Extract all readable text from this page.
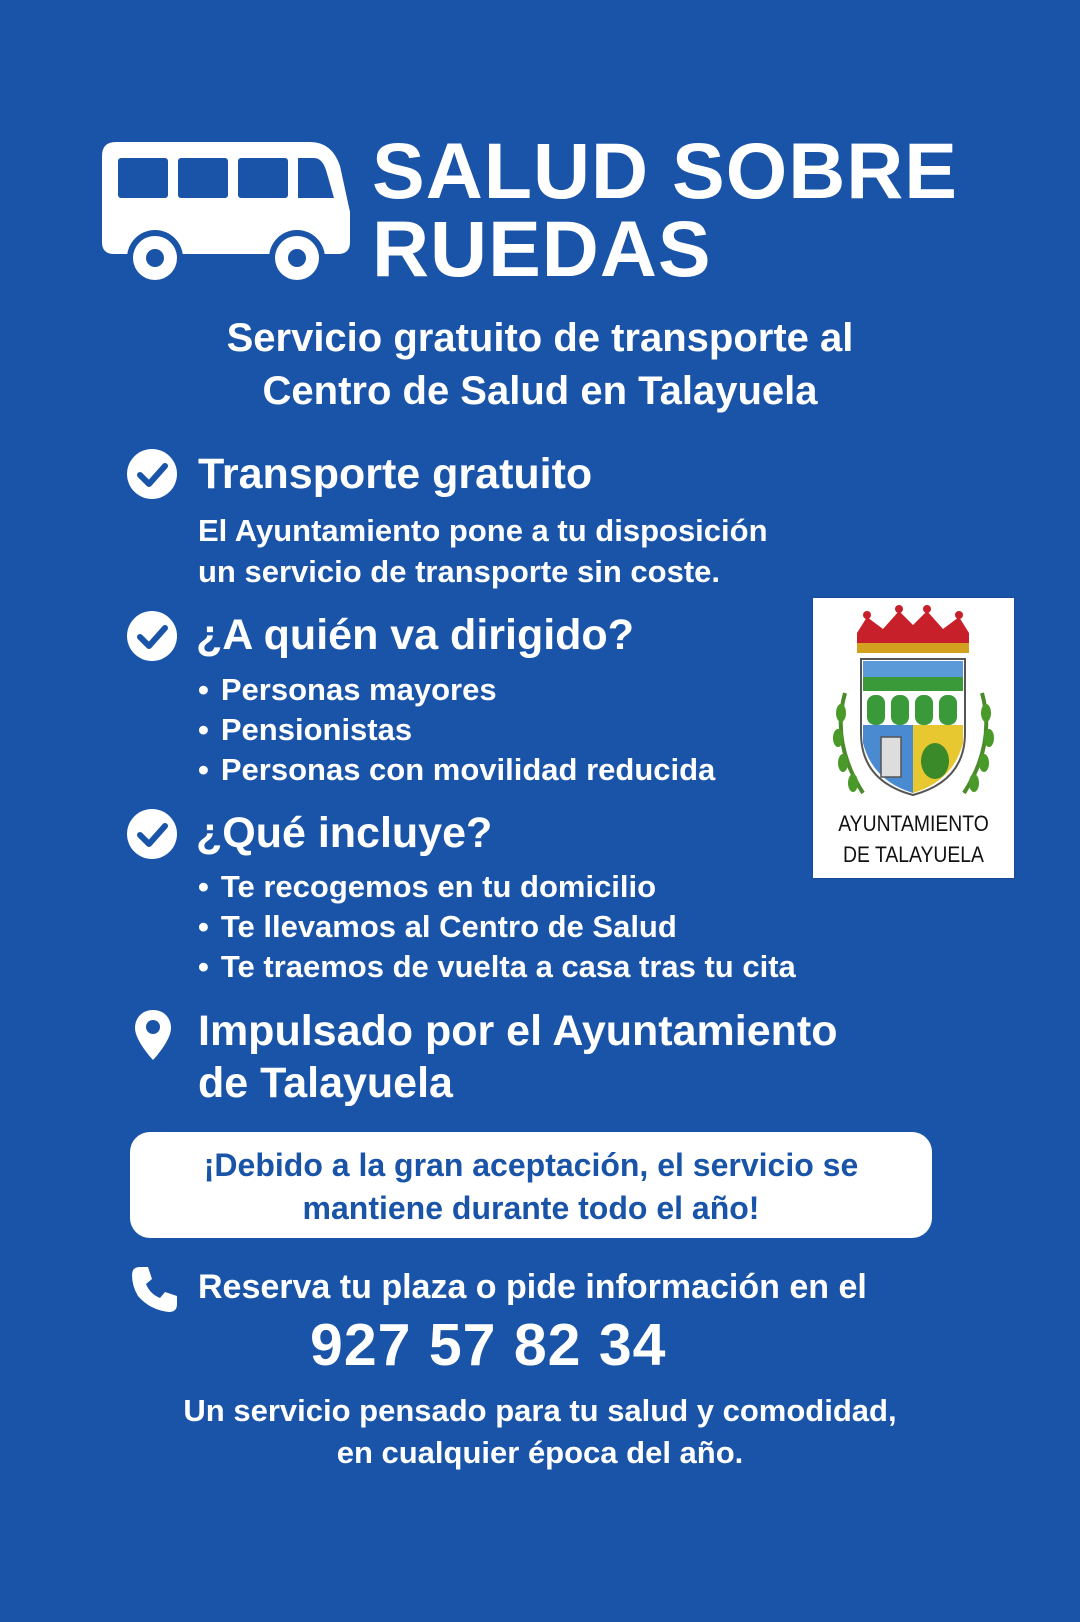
SALUD SOBRE
RUEDAS
Servicio gratuito de transporte al
Centro de Salud en Talayuela
Transporte gratuito
El Ayuntamiento pone a tu disposición
un servicio de transporte sin coste.
¿A quién va dirigido?
• Personas mayores
• Pensionistas
• Personas con movilidad reducida
¿Qué incluye?
• Te recogemos en tu domicilio
• Te llevamos al Centro de Salud
• Te traemos de vuelta a casa tras tu cita
AYUNTAMIENTO
DE TALAYUELA
Impulsado por el Ayuntamiento
de Talayuela
¡Debido a la gran aceptación, el servicio se
mantiene durante todo el año!
Reserva tu plaza o pide información en el
927 57 82 34
Un servicio pensado para tu salud y comodidad,
en cualquier época del año.
